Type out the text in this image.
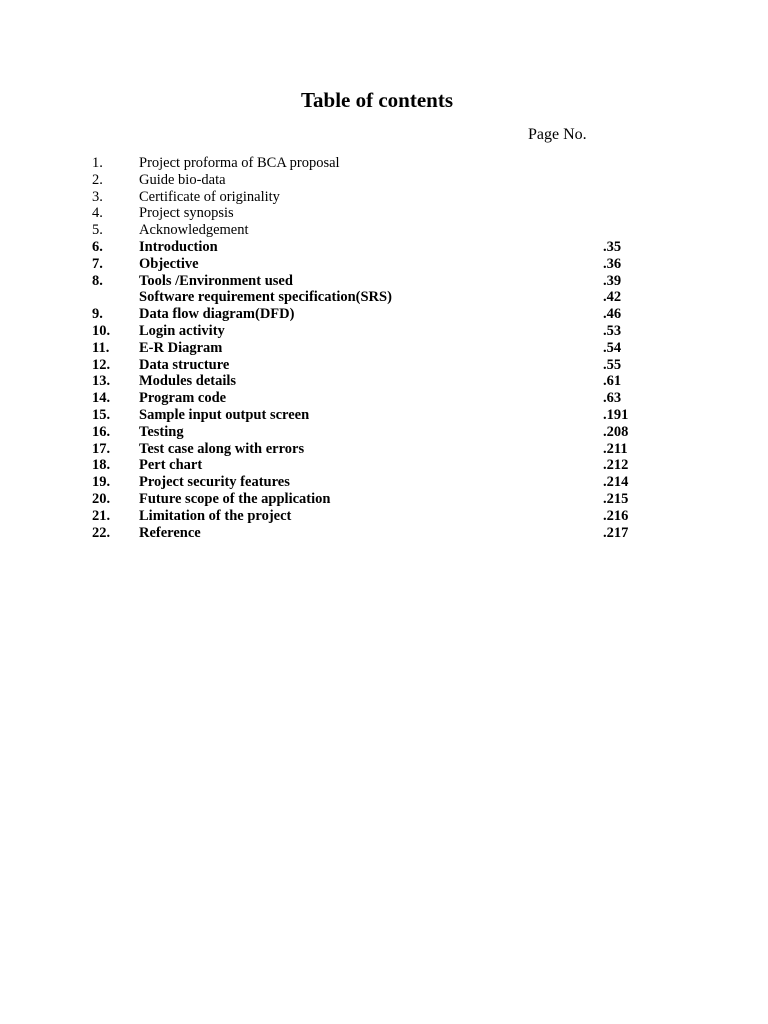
Table of contents
Page No.
1. Project proforma of BCA proposal
2. Guide bio-data
3. Certificate of originality
4. Project synopsis
5. Acknowledgement
6. Introduction	.35
7. Objective	.36
8. Tools /Environment used	.39
Software requirement specification(SRS)	.42
9. Data flow diagram(DFD)	.46
10. Login activity	.53
11. E-R Diagram	.54
12. Data structure	.55
13. Modules details	.61
14. Program code	.63
15. Sample input output screen	.191
16. Testing	.208
17. Test case along with errors	.211
18. Pert chart	.212
19. Project security features	.214
20. Future scope of the application	.215
21. Limitation of the project	.216
22. Reference	.217
